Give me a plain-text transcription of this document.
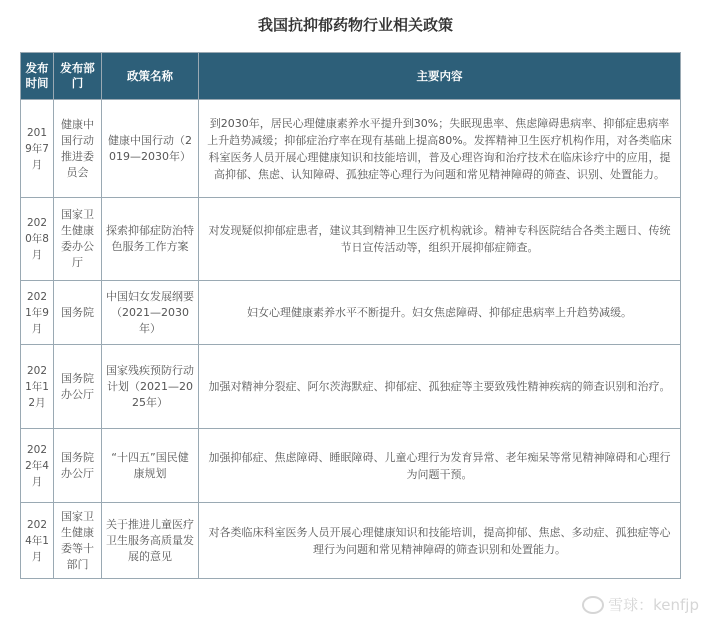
我国抗抑郁药物行业相关政策
发布时间	发布部门	政策名称	主要内容
2019年7月	健康中国行动推进委员会	健康中国行动（2019—2030年）	到2030年，居民心理健康素养水平提升到30%；失眠现患率、焦虑障碍患病率、抑郁症患病率上升趋势减缓；抑郁症治疗率在现有基础上提高80%。发挥精神卫生医疗机构作用，对各类临床科室医务人员开展心理健康知识和技能培训，普及心理咨询和治疗技术在临床诊疗中的应用，提高抑郁、焦虑、认知障碍、孤独症等心理行为问题和常见精神障碍的筛查、识别、处置能力。
2020年8月	国家卫生健康委办公厅	探索抑郁症防治特色服务工作方案	对发现疑似抑郁症患者，建议其到精神卫生医疗机构就诊。精神专科医院结合各类主题日、传统节日宣传活动等，组织开展抑郁症筛查。
2021年9月	国务院	中国妇女发展纲要（2021—2030年）	妇女心理健康素养水平不断提升。妇女焦虑障碍、抑郁症患病率上升趋势减缓。
2021年12月	国务院办公厅	国家残疾预防行动计划（2021—2025年）	加强对精神分裂症、阿尔茨海默症、抑郁症、孤独症等主要致残性精神疾病的筛查识别和治疗。
2022年4月	国务院办公厅	“十四五”国民健康规划	加强抑郁症、焦虑障碍、睡眠障碍、儿童心理行为发育异常、老年痴呆等常见精神障碍和心理行为问题干预。
2024年1月	国家卫生健康委等十部门	关于推进儿童医疗卫生服务高质量发展的意见	对各类临床科室医务人员开展心理健康知识和技能培训，提高抑郁、焦虑、多动症、孤独症等心理行为问题和常见精神障碍的筛查识别和处置能力。
雪球：kenfjp
